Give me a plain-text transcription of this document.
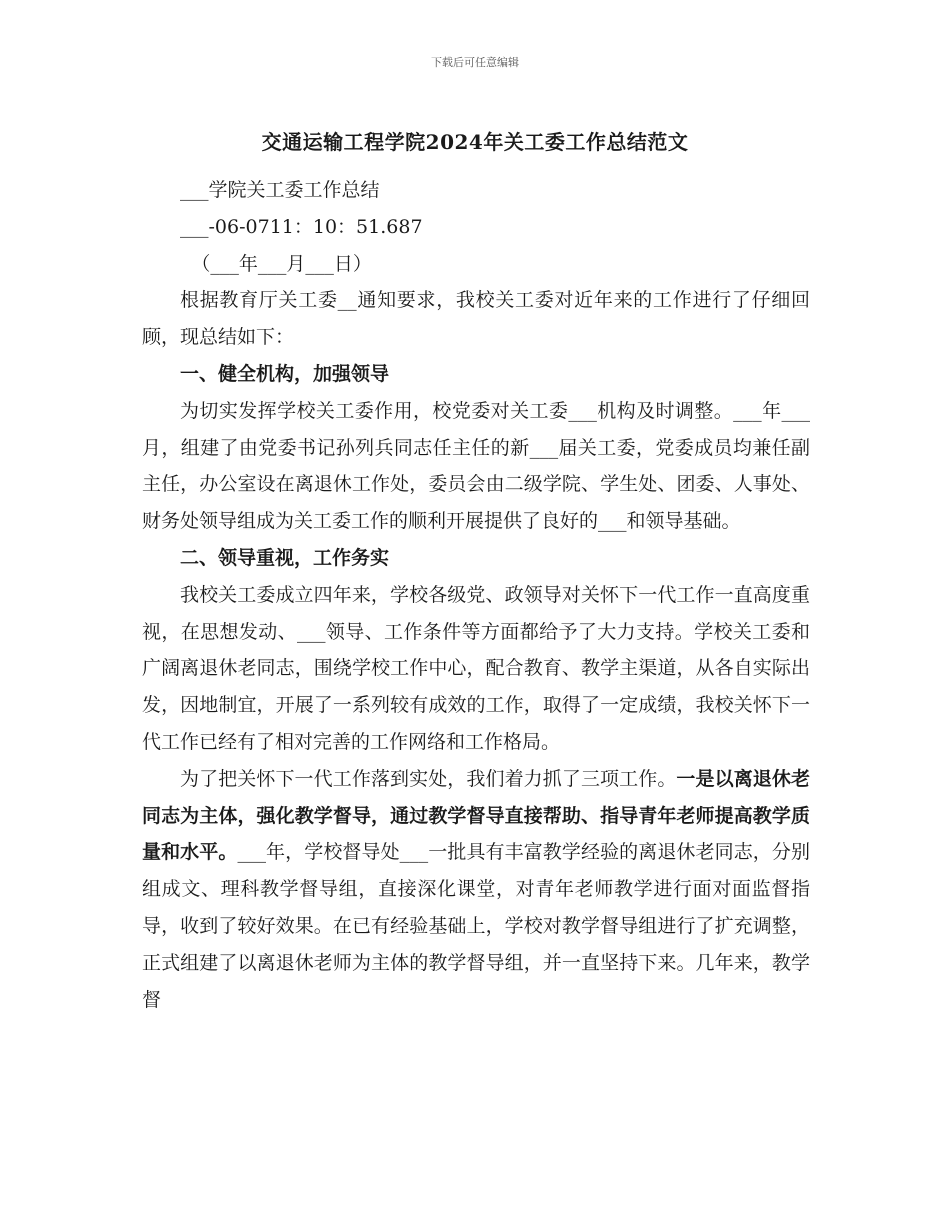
下载后可任意编辑
交通运输工程学院2024年关工委工作总结范文

___学院关工委工作总结

___-06-0711：10：51.687

（___年___月___日）

根据教育厅关工委__通知要求，我校关工委对近年来的工作进行了仔细回顾，现总结如下：

一、健全机构，加强领导

为切实发挥学校关工委作用，校党委对关工委___机构及时调整。___年___月，组建了由党委书记孙列兵同志任主任的新___届关工委，党委成员均兼任副主任，办公室设在离退休工作处，委员会由二级学院、学生处、团委、人事处、财务处领导组成为关工委工作的顺利开展提供了良好的___和领导基础。

二、领导重视，工作务实

我校关工委成立四年来，学校各级党、政领导对关怀下一代工作一直高度重视，在思想发动、___领导、工作条件等方面都给予了大力支持。学校关工委和广阔离退休老同志，围绕学校工作中心，配合教育、教学主渠道，从各自实际出发，因地制宜，开展了一系列较有成效的工作，取得了一定成绩，我校关怀下一代工作已经有了相对完善的工作网络和工作格局。

为了把关怀下一代工作落到实处，我们着力抓了三项工作。一是以离退休老同志为主体，强化教学督导，通过教学督导直接帮助、指导青年老师提高教学质量和水平。___年，学校督导处___一批具有丰富教学经验的离退休老同志，分别组成文、理科教学督导组，直接深化课堂，对青年老师教学进行面对面监督指导，收到了较好效果。在已有经验基础上，学校对教学督导组进行了扩充调整，正式组建了以离退休老师为主体的教学督导组，并一直坚持下来。几年来，教学督
